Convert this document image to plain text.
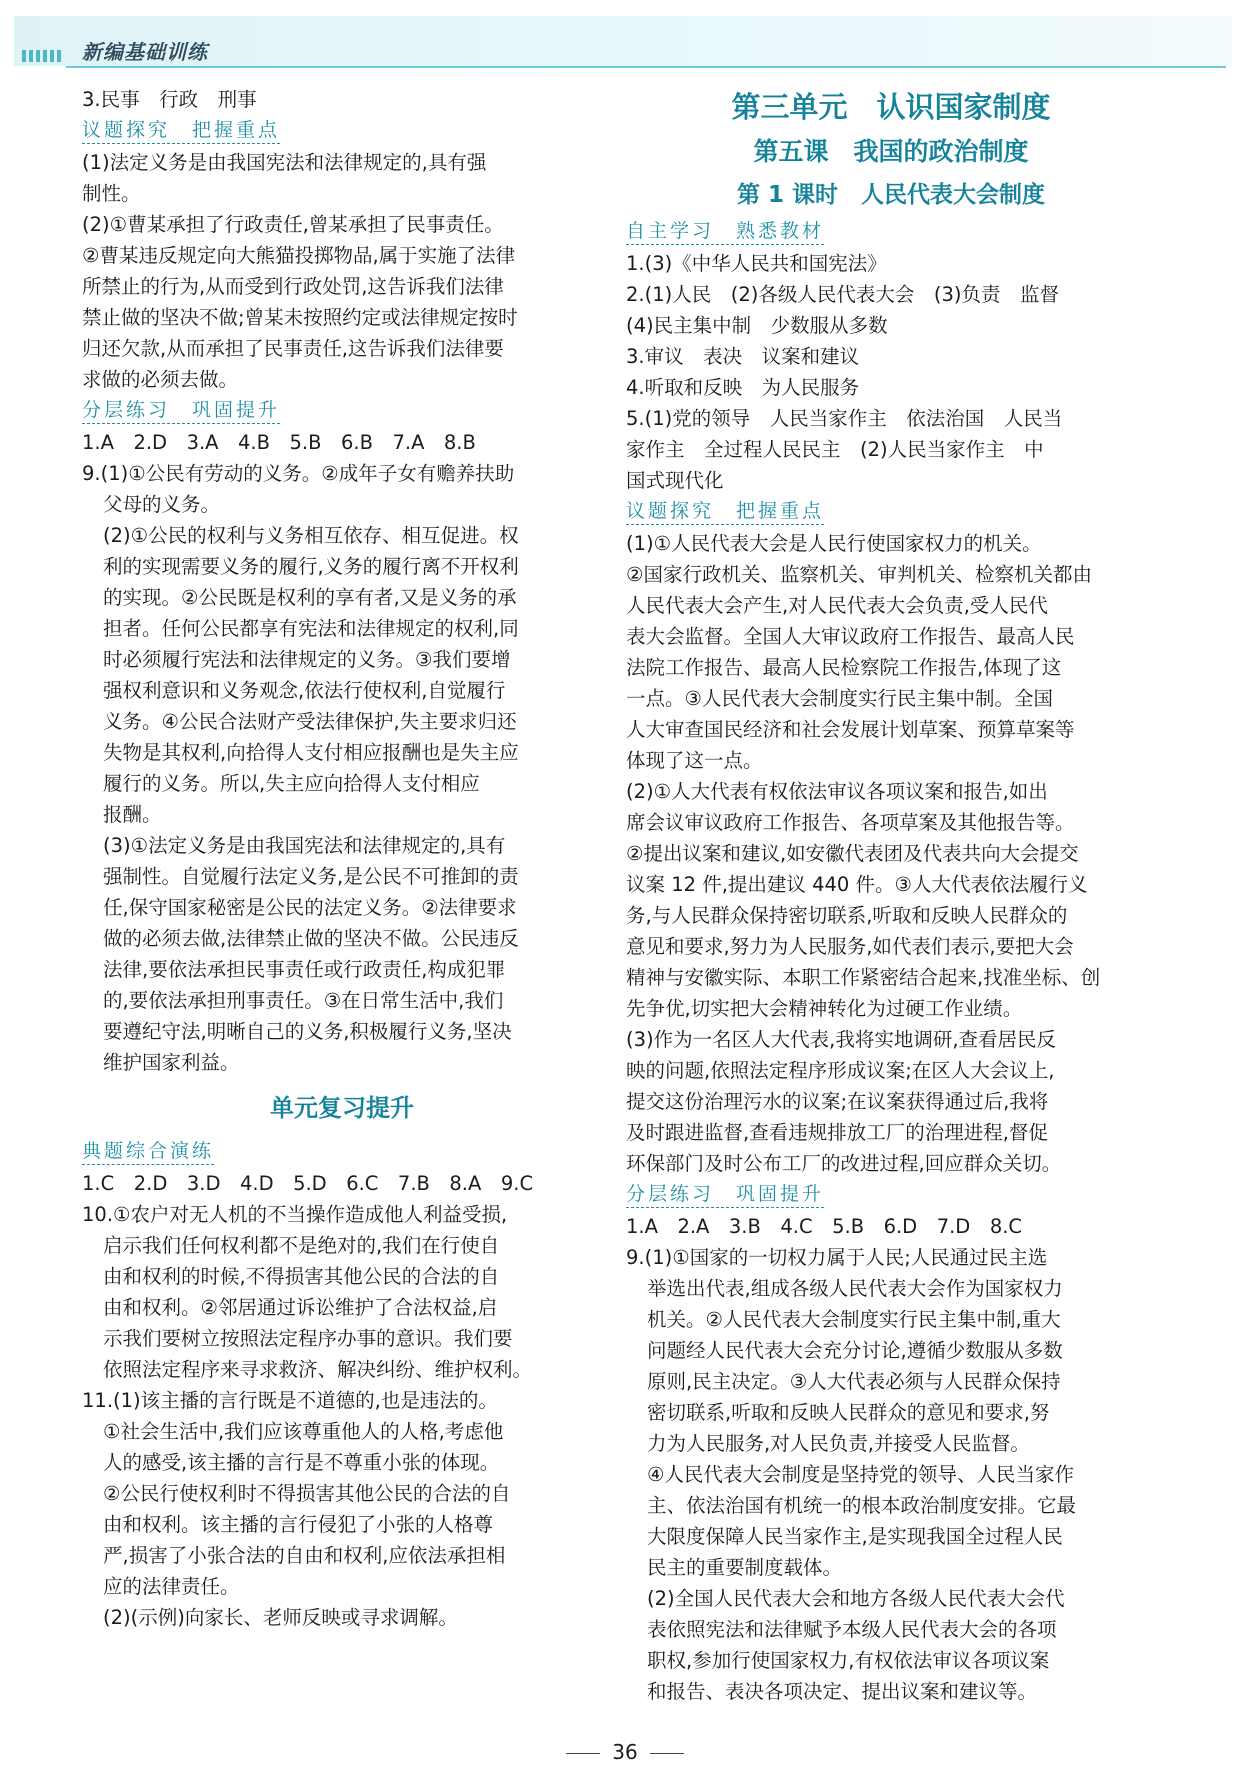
新编基础训练
3.民事　行政　刑事
议题探究　把握重点
(1)法定义务是由我国宪法和法律规定的,具有强
制性。
(2)①曹某承担了行政责任,曾某承担了民事责任。
②曹某违反规定向大熊猫投掷物品,属于实施了法律
所禁止的行为,从而受到行政处罚,这告诉我们法律
禁止做的坚决不做;曾某未按照约定或法律规定按时
归还欠款,从而承担了民事责任,这告诉我们法律要
求做的必须去做。
分层练习　巩固提升
1.A　2.D　3.A　4.B　5.B　6.B　7.A　8.B
9.(1)①公民有劳动的义务。②成年子女有赡养扶助
父母的义务。
(2)①公民的权利与义务相互依存、相互促进。权
利的实现需要义务的履行,义务的履行离不开权利
的实现。②公民既是权利的享有者,又是义务的承
担者。任何公民都享有宪法和法律规定的权利,同
时必须履行宪法和法律规定的义务。③我们要增
强权利意识和义务观念,依法行使权利,自觉履行
义务。④公民合法财产受法律保护,失主要求归还
失物是其权利,向拾得人支付相应报酬也是失主应
履行的义务。所以,失主应向拾得人支付相应
报酬。
(3)①法定义务是由我国宪法和法律规定的,具有
强制性。自觉履行法定义务,是公民不可推卸的责
任,保守国家秘密是公民的法定义务。②法律要求
做的必须去做,法律禁止做的坚决不做。公民违反
法律,要依法承担民事责任或行政责任,构成犯罪
的,要依法承担刑事责任。③在日常生活中,我们
要遵纪守法,明晰自己的义务,积极履行义务,坚决
维护国家利益。
单元复习提升
典题综合演练
1.C　2.D　3.D　4.D　5.D　6.C　7.B　8.A　9.C
10.①农户对无人机的不当操作造成他人利益受损,
启示我们任何权利都不是绝对的,我们在行使自
由和权利的时候,不得损害其他公民的合法的自
由和权利。②邻居通过诉讼维护了合法权益,启
示我们要树立按照法定程序办事的意识。我们要
依照法定程序来寻求救济、解决纠纷、维护权利。
11.(1)该主播的言行既是不道德的,也是违法的。
①社会生活中,我们应该尊重他人的人格,考虑他
人的感受,该主播的言行是不尊重小张的体现。
②公民行使权利时不得损害其他公民的合法的自
由和权利。该主播的言行侵犯了小张的人格尊
严,损害了小张合法的自由和权利,应依法承担相
应的法律责任。
(2)(示例)向家长、老师反映或寻求调解。
第三单元　认识国家制度
第五课　我国的政治制度
第 1 课时　人民代表大会制度
自主学习　熟悉教材
1.(3)《中华人民共和国宪法》
2.(1)人民　(2)各级人民代表大会　(3)负责　监督
(4)民主集中制　少数服从多数
3.审议　表决　议案和建议
4.听取和反映　为人民服务
5.(1)党的领导　人民当家作主　依法治国　人民当
家作主　全过程人民民主　(2)人民当家作主　中
国式现代化
议题探究　把握重点
(1)①人民代表大会是人民行使国家权力的机关。
②国家行政机关、监察机关、审判机关、检察机关都由
人民代表大会产生,对人民代表大会负责,受人民代
表大会监督。全国人大审议政府工作报告、最高人民
法院工作报告、最高人民检察院工作报告,体现了这
一点。③人民代表大会制度实行民主集中制。全国
人大审查国民经济和社会发展计划草案、预算草案等
体现了这一点。
(2)①人大代表有权依法审议各项议案和报告,如出
席会议审议政府工作报告、各项草案及其他报告等。
②提出议案和建议,如安徽代表团及代表共向大会提交
议案 12 件,提出建议 440 件。③人大代表依法履行义
务,与人民群众保持密切联系,听取和反映人民群众的
意见和要求,努力为人民服务,如代表们表示,要把大会
精神与安徽实际、本职工作紧密结合起来,找准坐标、创
先争优,切实把大会精神转化为过硬工作业绩。
(3)作为一名区人大代表,我将实地调研,查看居民反
映的问题,依照法定程序形成议案;在区人大会议上,
提交这份治理污水的议案;在议案获得通过后,我将
及时跟进监督,查看违规排放工厂的治理进程,督促
环保部门及时公布工厂的改进过程,回应群众关切。
分层练习　巩固提升
1.A　2.A　3.B　4.C　5.B　6.D　7.D　8.C
9.(1)①国家的一切权力属于人民;人民通过民主选
举选出代表,组成各级人民代表大会作为国家权力
机关。②人民代表大会制度实行民主集中制,重大
问题经人民代表大会充分讨论,遵循少数服从多数
原则,民主决定。③人大代表必须与人民群众保持
密切联系,听取和反映人民群众的意见和要求,努
力为人民服务,对人民负责,并接受人民监督。
④人民代表大会制度是坚持党的领导、人民当家作
主、依法治国有机统一的根本政治制度安排。它最
大限度保障人民当家作主,是实现我国全过程人民
民主的重要制度载体。
(2)全国人民代表大会和地方各级人民代表大会代
表依照宪法和法律赋予本级人民代表大会的各项
职权,参加行使国家权力,有权依法审议各项议案
和报告、表决各项决定、提出议案和建议等。
36
